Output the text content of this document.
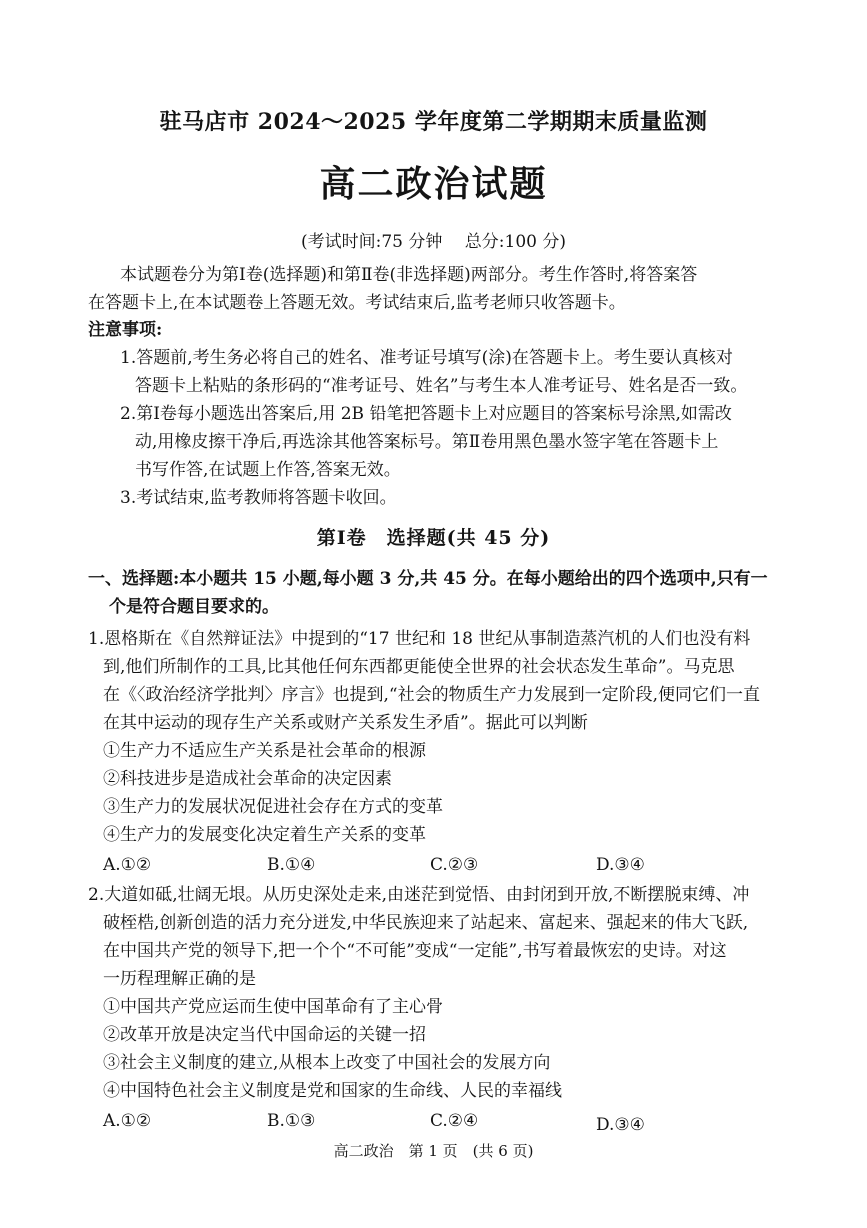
驻马店市 2024～2025 学年度第二学期期末质量监测
高二政治试题
(考试时间:75 分钟　 总分:100 分)
本试题卷分为第Ⅰ卷(选择题)和第Ⅱ卷(非选择题)两部分。考生作答时,将答案答
在答题卡上,在本试题卷上答题无效。考试结束后,监考老师只收答题卡。
注意事项:
1.答题前,考生务必将自己的姓名、准考证号填写(涂)在答题卡上。考生要认真核对
答题卡上粘贴的条形码的“准考证号、姓名”与考生本人准考证号、姓名是否一致。
2.第Ⅰ卷每小题选出答案后,用 2B 铅笔把答题卡上对应题目的答案标号涂黑,如需改
动,用橡皮擦干净后,再选涂其他答案标号。第Ⅱ卷用黑色墨水签字笔在答题卡上
书写作答,在试题上作答,答案无效。
3.考试结束,监考教师将答题卡收回。
第Ⅰ卷　选择题(共 45 分)
一、选择题:本小题共 15 小题,每小题 3 分,共 45 分。在每小题给出的四个选项中,只有一
个是符合题目要求的。
1.恩格斯在《自然辩证法》中提到的“17 世纪和 18 世纪从事制造蒸汽机的人们也没有料
到,他们所制作的工具,比其他任何东西都更能使全世界的社会状态发生革命”。马克思
在《〈政治经济学批判〉序言》也提到,“社会的物质生产力发展到一定阶段,便同它们一直
在其中运动的现存生产关系或财产关系发生矛盾”。据此可以判断
①生产力不适应生产关系是社会革命的根源
②科技进步是造成社会革命的决定因素
③生产力的发展状况促进社会存在方式的变革
④生产力的发展变化决定着生产关系的变革
A.①②	B.①④	C.②③	D.③④
2.大道如砥,壮阔无垠。从历史深处走来,由迷茫到觉悟、由封闭到开放,不断摆脱束缚、冲
破桎梏,创新创造的活力充分迸发,中华民族迎来了站起来、富起来、强起来的伟大飞跃,
在中国共产党的领导下,把一个个“不可能”变成“一定能”,书写着最恢宏的史诗。对这
一历程理解正确的是
①中国共产党应运而生使中国革命有了主心骨
②改革开放是决定当代中国命运的关键一招
③社会主义制度的建立,从根本上改变了中国社会的发展方向
④中国特色社会主义制度是党和国家的生命线、人民的幸福线
A.①②	B.①③	C.②④	D.③④
高二政治　第 1 页　(共 6 页)
